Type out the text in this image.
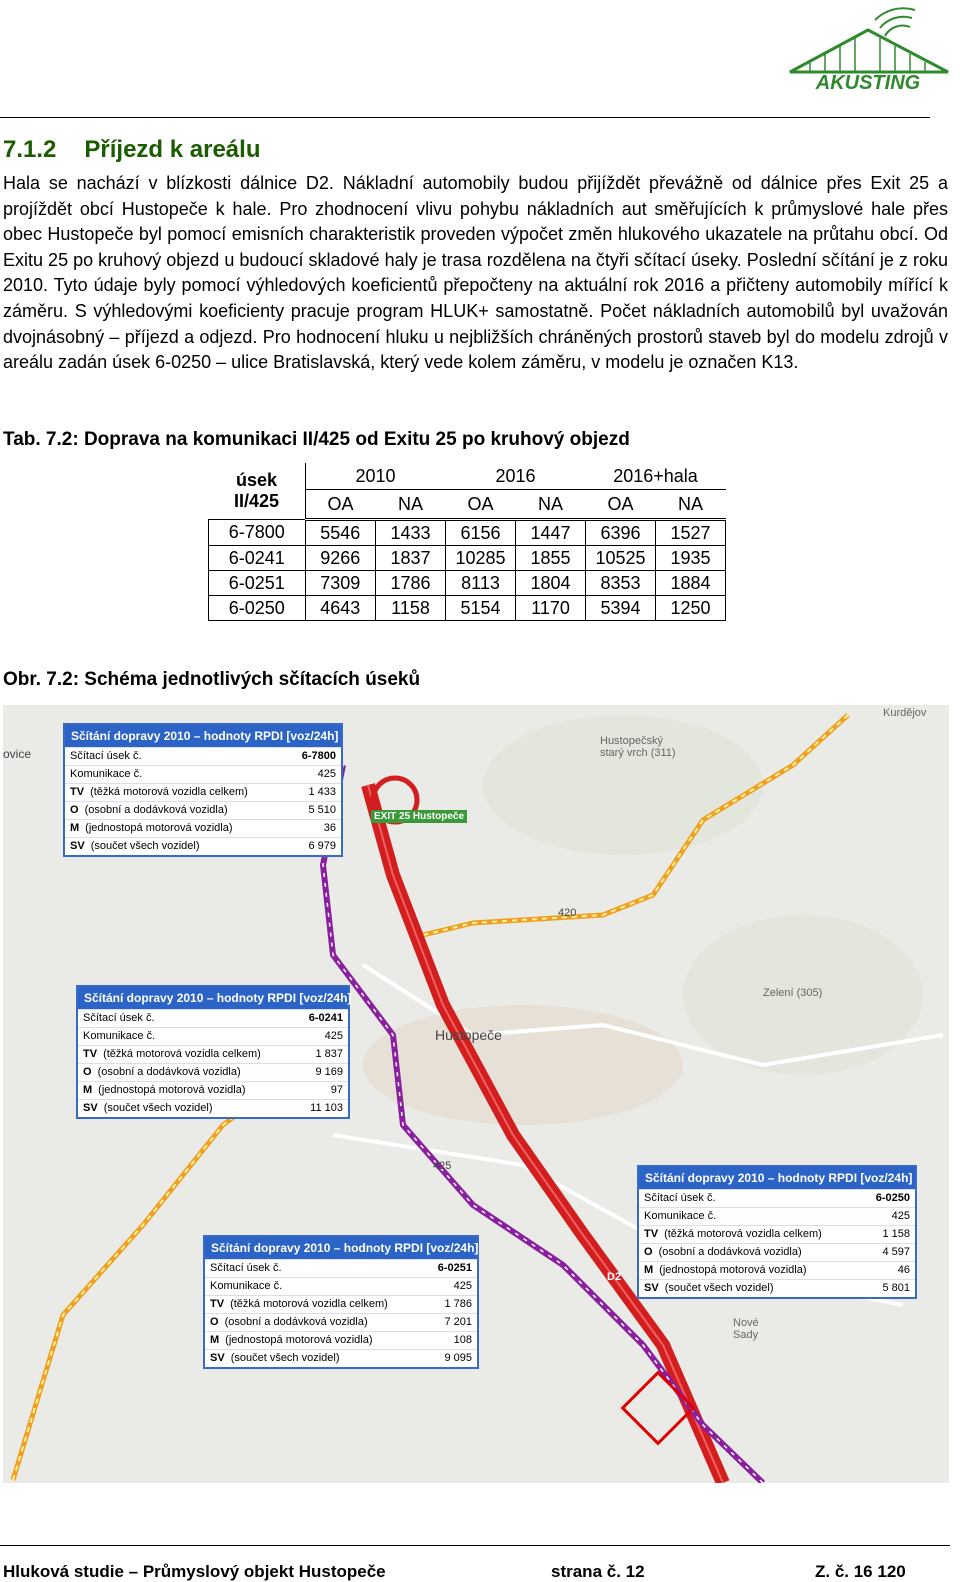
AKUSTING
7.1.2 Příjezd k areálu

Hala se nachází v blízkosti dálnice D2. Nákladní automobily budou přijíždět převážně od dálnice přes Exit 25 a projíždět obcí Hustopeče k hale. Pro zhodnocení vlivu pohybu nákladních aut směřujících k průmyslové hale přes obec Hustopeče byl pomocí emisních charakteristik proveden výpočet změn hlukového ukazatele na průtahu obcí. Od Exitu 25 po kruhový objezd u budoucí skladové haly je trasa rozdělena na čtyři sčítací úseky. Poslední sčítání je z roku 2010. Tyto údaje byly pomocí výhledových koeficientů přepočteny na aktuální rok 2016 a přičteny automobily mířící k záměru. S výhledovými koeficienty pracuje program HLUK+ samostatně. Počet nákladních automobilů byl uvažován dvojnásobný – příjezd a odjezd. Pro hodnocení hluku u nejbližších chráněných prostorů staveb byl do modelu zdrojů v areálu zadán úsek 6-0250 – ulice Bratislavská, který vede kolem záměru, v modelu je označen K13.

Tab. 7.2: Doprava na komunikaci II/425 od Exitu 25 po kruhový objezd
úsek
II/425	2010		2016		2016+hala	
	OA	NA	OA	NA	OA	NA
6-7800	5546	1433	6156	1447	6396	1527
6-0241	9266	1837	10285	1855	10525	1935
6-0251	7309	1786	8113	1804	8353	1884
6-0250	4643	1158	5154	1170	5394	1250
Obr. 7.2: Schéma jednotlivých sčítacích úseků
Kurdějov
Hustopečský starý vrch (311)
EXIT 25 Hustopeče
Hustopeče
Zelení (305)
Nové Sady
D2
ovice
420
425
Sčítání dopravy 2010 – hodnoty RPDI [voz/24h]
Sčítací úsek č.	6-7800
Komunikace č.	425
TV (těžká motorová vozidla celkem)	1 433
O (osobní a dodávková vozidla)	5 510
M (jednostopá motorová vozidla)	36
SV (součet všech vozidel)	6 979
Sčítání dopravy 2010 – hodnoty RPDI [voz/24h]
Sčítací úsek č.	6-0241
Komunikace č.	425
TV (těžká motorová vozidla celkem)	1 837
O (osobní a dodávková vozidla)	9 169
M (jednostopá motorová vozidla)	97
SV (součet všech vozidel)	11 103
Sčítání dopravy 2010 – hodnoty RPDI [voz/24h]
Sčítací úsek č.	6-0250
Komunikace č.	425
TV (těžká motorová vozidla celkem)	1 158
O (osobní a dodávková vozidla)	4 597
M (jednostopá motorová vozidla)	46
SV (součet všech vozidel)	5 801
Sčítání dopravy 2010 – hodnoty RPDI [voz/24h]
Sčítací úsek č.	6-0251
Komunikace č.	425
TV (těžká motorová vozidla celkem)	1 786
O (osobní a dodávková vozidla)	7 201
M (jednostopá motorová vozidla)	108
SV (součet všech vozidel)	9 095
Hluková studie – Průmyslový objekt Hustopeče	strana č. 12	Z. č. 16 120
